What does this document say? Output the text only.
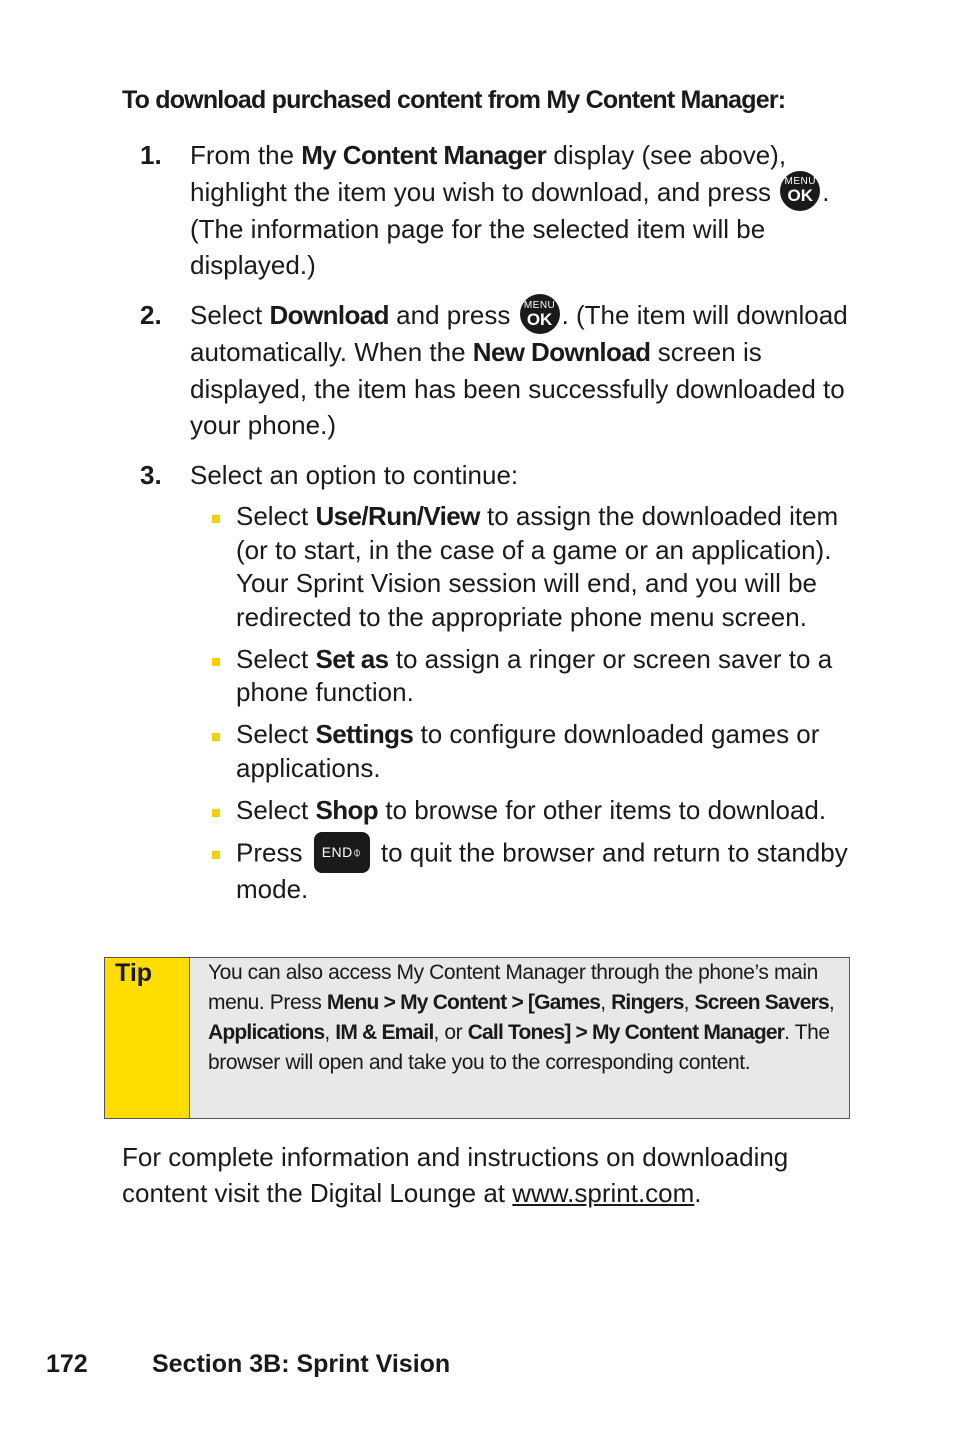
To download purchased content from My Content Manager:
1. From the My Content Manager display (see above), highlight the item you wish to download, and press MENU
OK . (The information page for the selected item will be displayed.)
2. Select Download and press MENU
OK . (The item will download automatically. When the New Download screen is displayed, the item has been successfully downloaded to your phone.)
3. Select an option to continue:
Select Use/Run/View to assign the downloaded item (or to start, in the case of a game or an application). Your Sprint Vision session will end, and you will be redirected to the appropriate phone menu screen.
Select Set as to assign a ringer or screen saver to a phone function.
Select Settings to configure downloaded games or applications.
Select Shop to browse for other items to download.
Press END⌽ to quit the browser and return to standby mode.
Tip	You can also access My Content Manager through the phone’s main menu. Press Menu > My Content > [Games, Ringers, Screen Savers, Applications, IM & Email, or Call Tones] > My Content Manager. The browser will open and take you to the corresponding content.
For complete information and instructions on downloading content visit the Digital Lounge at www.sprint.com.
172	Section 3B: Sprint Vision
